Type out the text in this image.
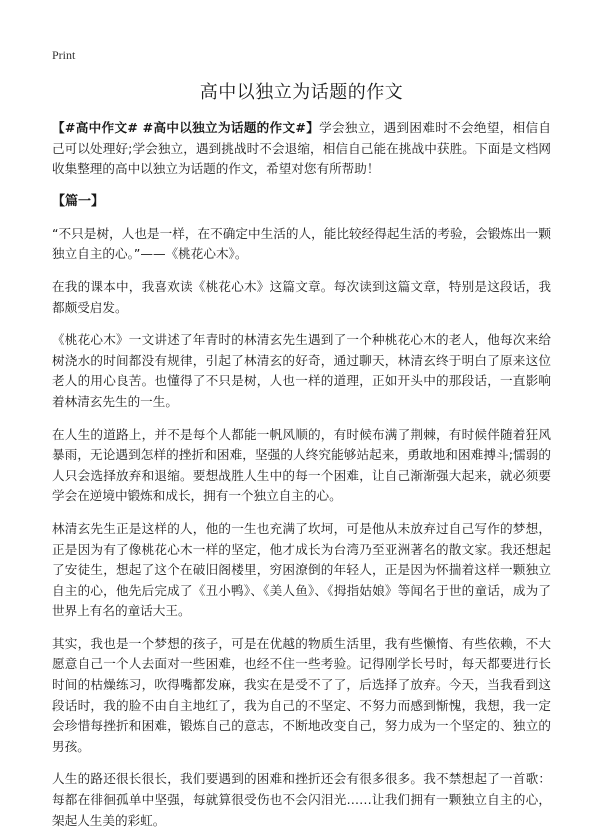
Print
高中以独立为话题的作文

【#高中作文# #高中以独立为话题的作文#】学会独立，遇到困难时不会绝望，相信自己可以处理好;学会独立，遇到挑战时不会退缩，相信自己能在挑战中获胜。下面是文档网收集整理的高中以独立为话题的作文，希望对您有所帮助！

【篇一】

“不只是树，人也是一样，在不确定中生活的人，能比较经得起生活的考验，会锻炼出一颗独立自主的心。”——《桃花心木》。

在我的课本中，我喜欢读《桃花心木》这篇文章。每次读到这篇文章，特别是这段话，我都颇受启发。

《桃花心木》一文讲述了年青时的林清玄先生遇到了一个种桃花心木的老人，他每次来给树浇水的时间都没有规律，引起了林清玄的好奇，通过聊天，林清玄终于明白了原来这位老人的用心良苦。也懂得了不只是树，人也一样的道理，正如开头中的那段话，一直影响着林清玄先生的一生。

在人生的道路上，并不是每个人都能一帆风顺的，有时候布满了荆棘，有时候伴随着狂风暴雨，无论遇到怎样的挫折和困难，坚强的人终究能够站起来，勇敢地和困难搏斗;懦弱的人只会选择放弃和退缩。要想战胜人生中的每一个困难，让自己渐渐强大起来，就必须要学会在逆境中锻炼和成长，拥有一个独立自主的心。

林清玄先生正是这样的人，他的一生也充满了坎坷，可是他从未放弃过自己写作的梦想，正是因为有了像桃花心木一样的坚定，他才成长为台湾乃至亚洲著名的散文家。我还想起了安徒生，想起了这个在破旧阁楼里，穷困潦倒的年轻人，正是因为怀揣着这样一颗独立自主的心，他先后完成了《丑小鸭》、《美人鱼》、《拇指姑娘》等闻名于世的童话，成为了世界上有名的童话大王。

其实，我也是一个梦想的孩子，可是在优越的物质生活里，我有些懒惰、有些依赖，不大愿意自己一个人去面对一些困难，也经不住一些考验。记得刚学长号时，每天都要进行长时间的枯燥练习，吹得嘴都发麻，我实在是受不了了，后选择了放弃。今天，当我看到这段话时，我的脸不由自主地红了，我为自己的不坚定、不努力而感到惭愧，我想，我一定会珍惜每挫折和困难，锻炼自己的意志，不断地改变自己，努力成为一个坚定的、独立的男孩。

人生的路还很长很长，我们要遇到的困难和挫折还会有很多很多。我不禁想起了一首歌：每都在徘徊孤单中坚强，每就算很受伤也不会闪泪光……让我们拥有一颗独立自主的心，架起人生美的彩虹。
